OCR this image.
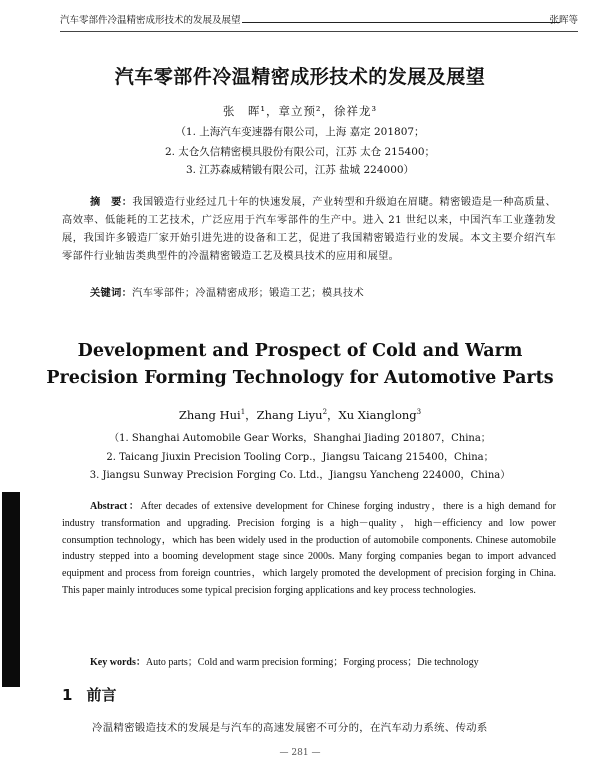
汽车零部件冷温精密成形技术的发展及展望	张晖等
汽车零部件冷温精密成形技术的发展及展望
张　晖¹，章立预²，徐祥龙³
（1. 上海汽车变速器有限公司，上海 嘉定 201807；
2. 太仓久信精密模具股份有限公司，江苏 太仓 215400；
3. 江苏森威精锻有限公司，江苏 盐城 224000）
摘　要：我国锻造行业经过几十年的快速发展，产业转型和升级迫在眉睫。精密锻造是一种高质量、高效率、低能耗的工艺技术，广泛应用于汽车零部件的生产中。进入 21 世纪以来，中国汽车工业蓬勃发展，我国许多锻造厂家开始引进先进的设备和工艺，促进了我国精密锻造行业的发展。本文主要介绍汽车零部件行业轴齿类典型件的冷温精密锻造工艺及模具技术的应用和展望。
关键词：汽车零部件；冷温精密成形；锻造工艺；模具技术
Development and Prospect of Cold and Warm
Precision Forming Technology for Automotive Parts
Zhang Hui$^1$，Zhang Liyu$^2$，Xu Xianglong$^3$
（1. Shanghai Automobile Gear Works，Shanghai Jiading 201807，China；
2. Taicang Jiuxin Precision Tooling Corp.，Jiangsu Taicang 215400，China；
3. Jiangsu Sunway Precision Forging Co. Ltd.，Jiangsu Yancheng 224000，China）
Abstract：After decades of extensive development for Chinese forging industry，there is a high demand for industry transformation and upgrading. Precision forging is a high－quality，high－efficiency and low power consumption technology，which has been widely used in the production of automobile components. Chinese automobile industry stepped into a booming development stage since 2000s. Many forging companies began to import advanced equipment and process from foreign countries，which largely promoted the development of precision forging in China. This paper mainly introduces some typical precision forging applications and key process technologies.
Key words：Auto parts；Cold and warm precision forming；Forging process；Die technology
1 前言
冷温精密锻造技术的发展是与汽车的高速发展密不可分的，在汽车动力系统、传动系
— 281 —
